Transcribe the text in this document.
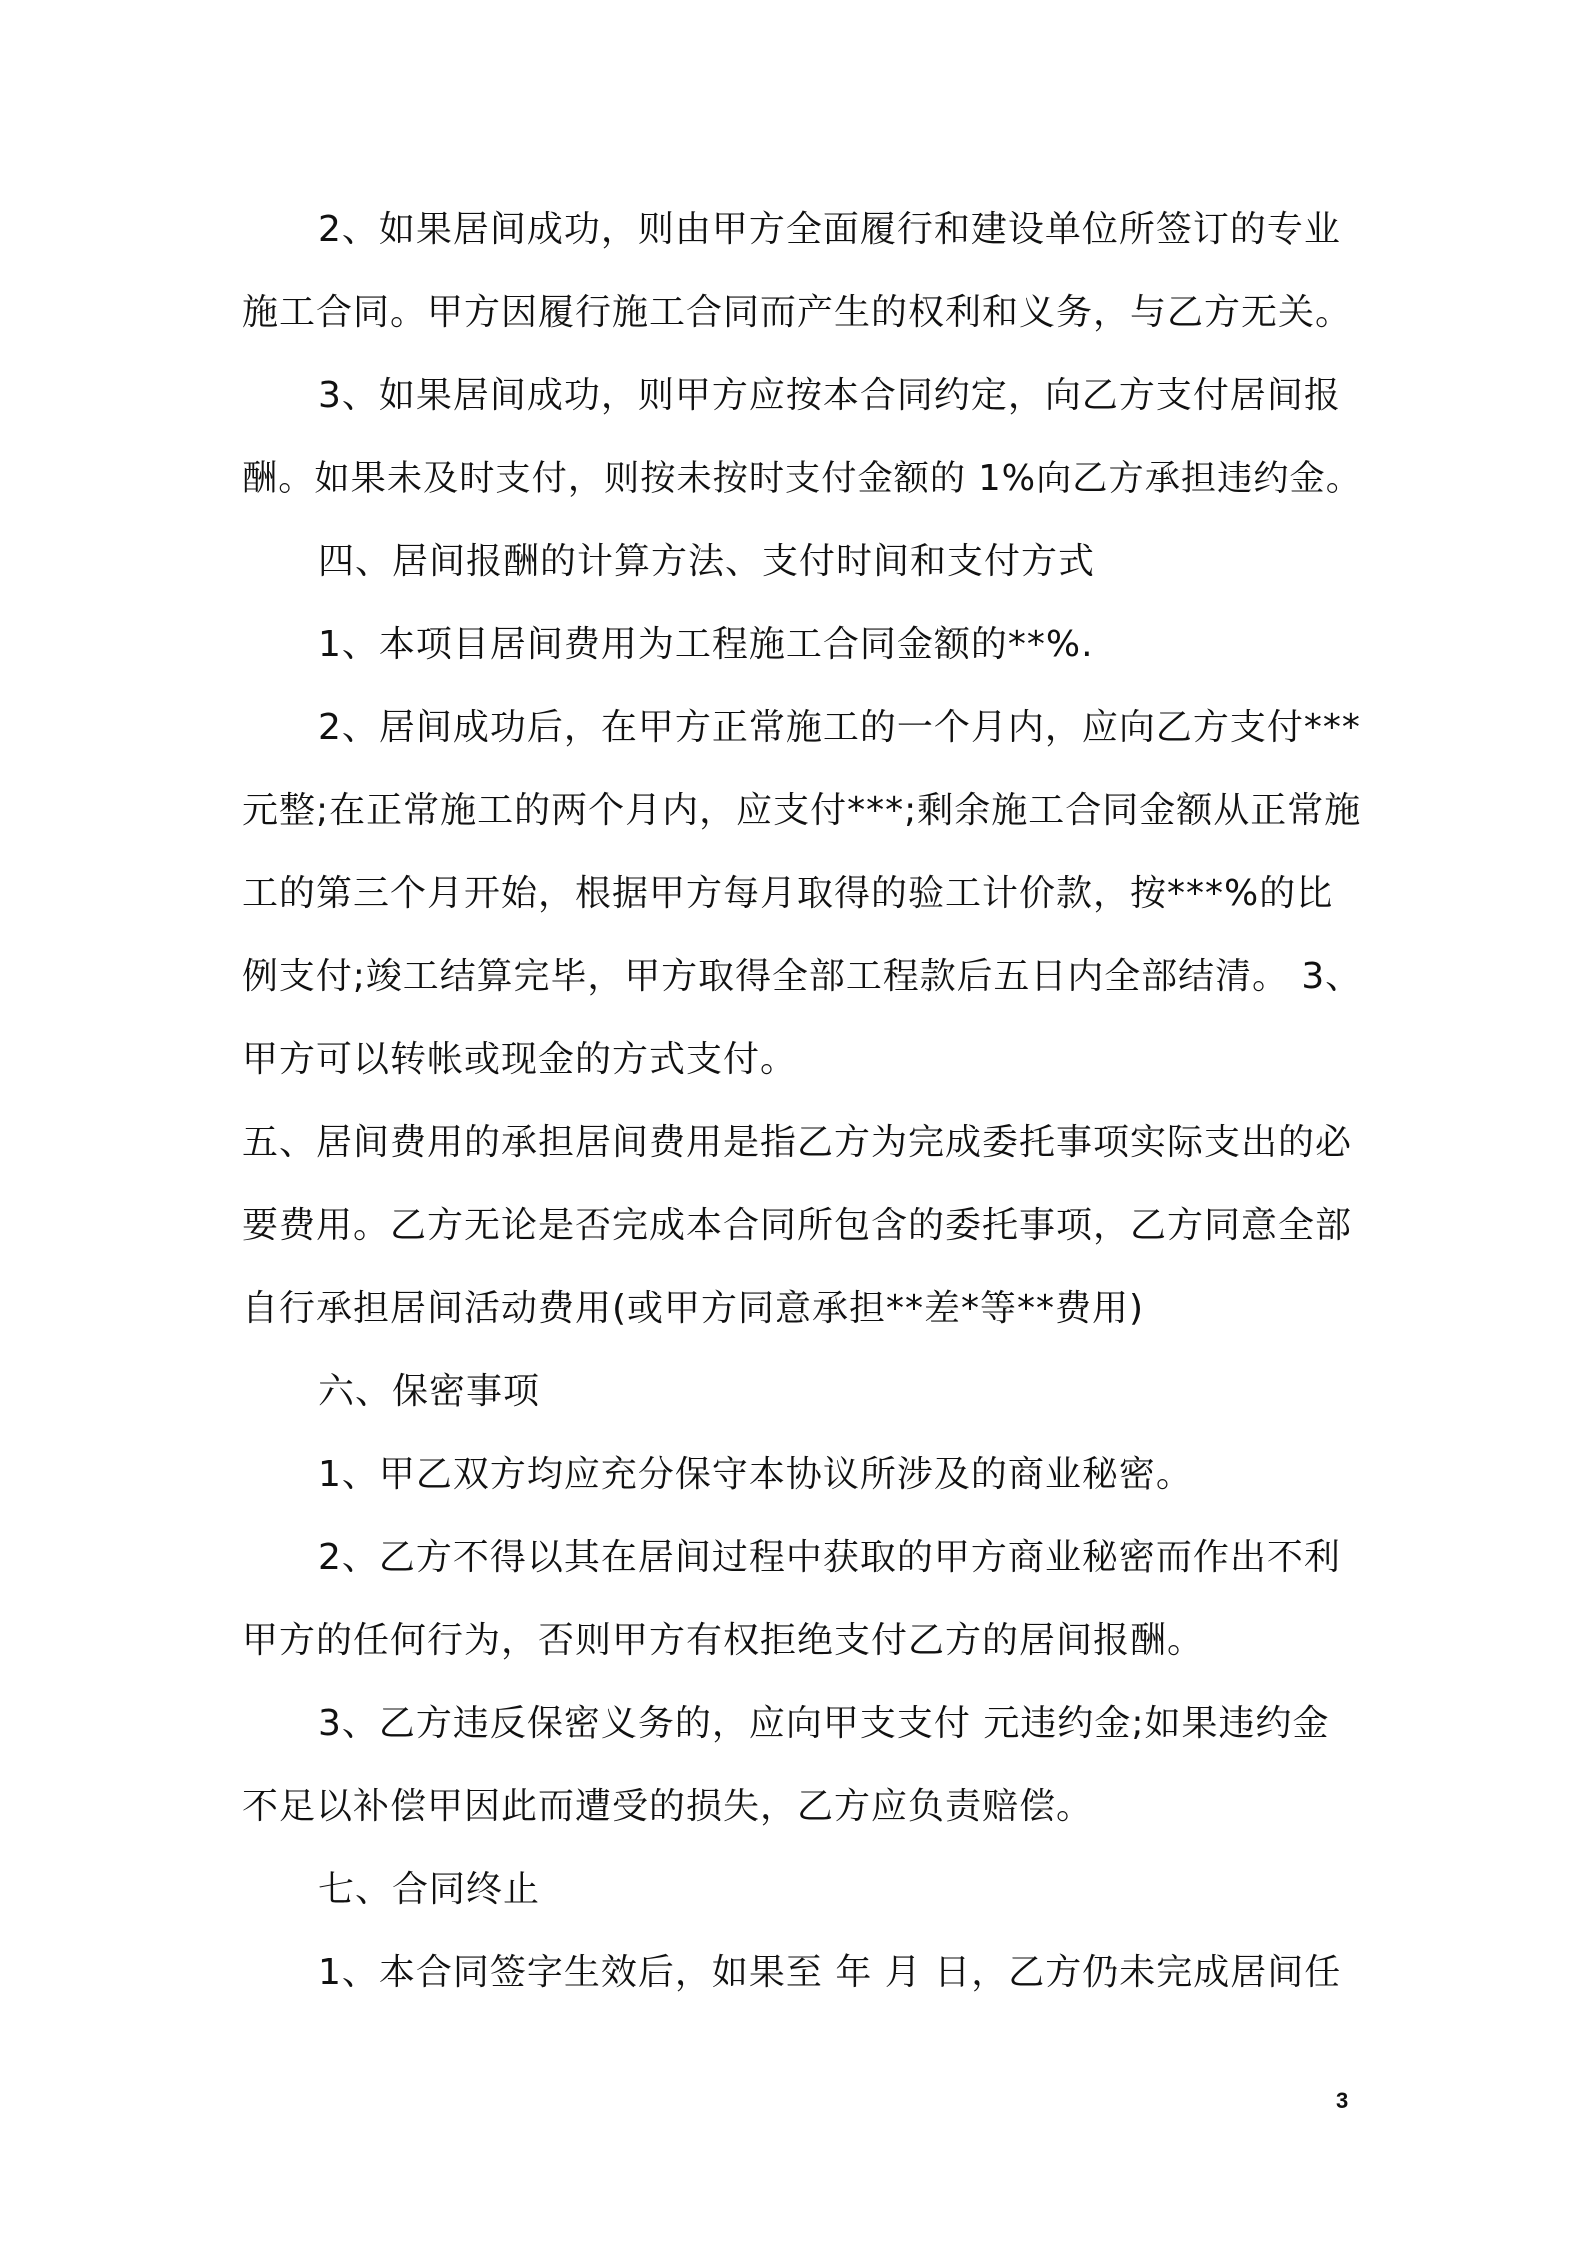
2、如果居间成功，则由甲方全面履行和建设单位所签订的专业
施工合同。甲方因履行施工合同而产生的权利和义务，与乙方无关。
3、如果居间成功，则甲方应按本合同约定，向乙方支付居间报
酬。如果未及时支付，则按未按时支付金额的 1%向乙方承担违约金。
四、居间报酬的计算方法、支付时间和支付方式
1、本项目居间费用为工程施工合同金额的**%.
2、居间成功后，在甲方正常施工的一个月内，应向乙方支付***
元整;在正常施工的两个月内，应支付***;剩余施工合同金额从正常施
工的第三个月开始，根据甲方每月取得的验工计价款，按***%的比
例支付;竣工结算完毕，甲方取得全部工程款后五日内全部结清。 3、
甲方可以转帐或现金的方式支付。
五、居间费用的承担居间费用是指乙方为完成委托事项实际支出的必
要费用。乙方无论是否完成本合同所包含的委托事项，乙方同意全部
自行承担居间活动费用(或甲方同意承担**差*等**费用)
六、保密事项
1、甲乙双方均应充分保守本协议所涉及的商业秘密。
2、乙方不得以其在居间过程中获取的甲方商业秘密而作出不利
甲方的任何行为，否则甲方有权拒绝支付乙方的居间报酬。
3、乙方违反保密义务的，应向甲支支付 元违约金;如果违约金
不足以补偿甲因此而遭受的损失，乙方应负责赔偿。
七、合同终止
1、本合同签字生效后，如果至 年 月 日，乙方仍未完成居间任
3
